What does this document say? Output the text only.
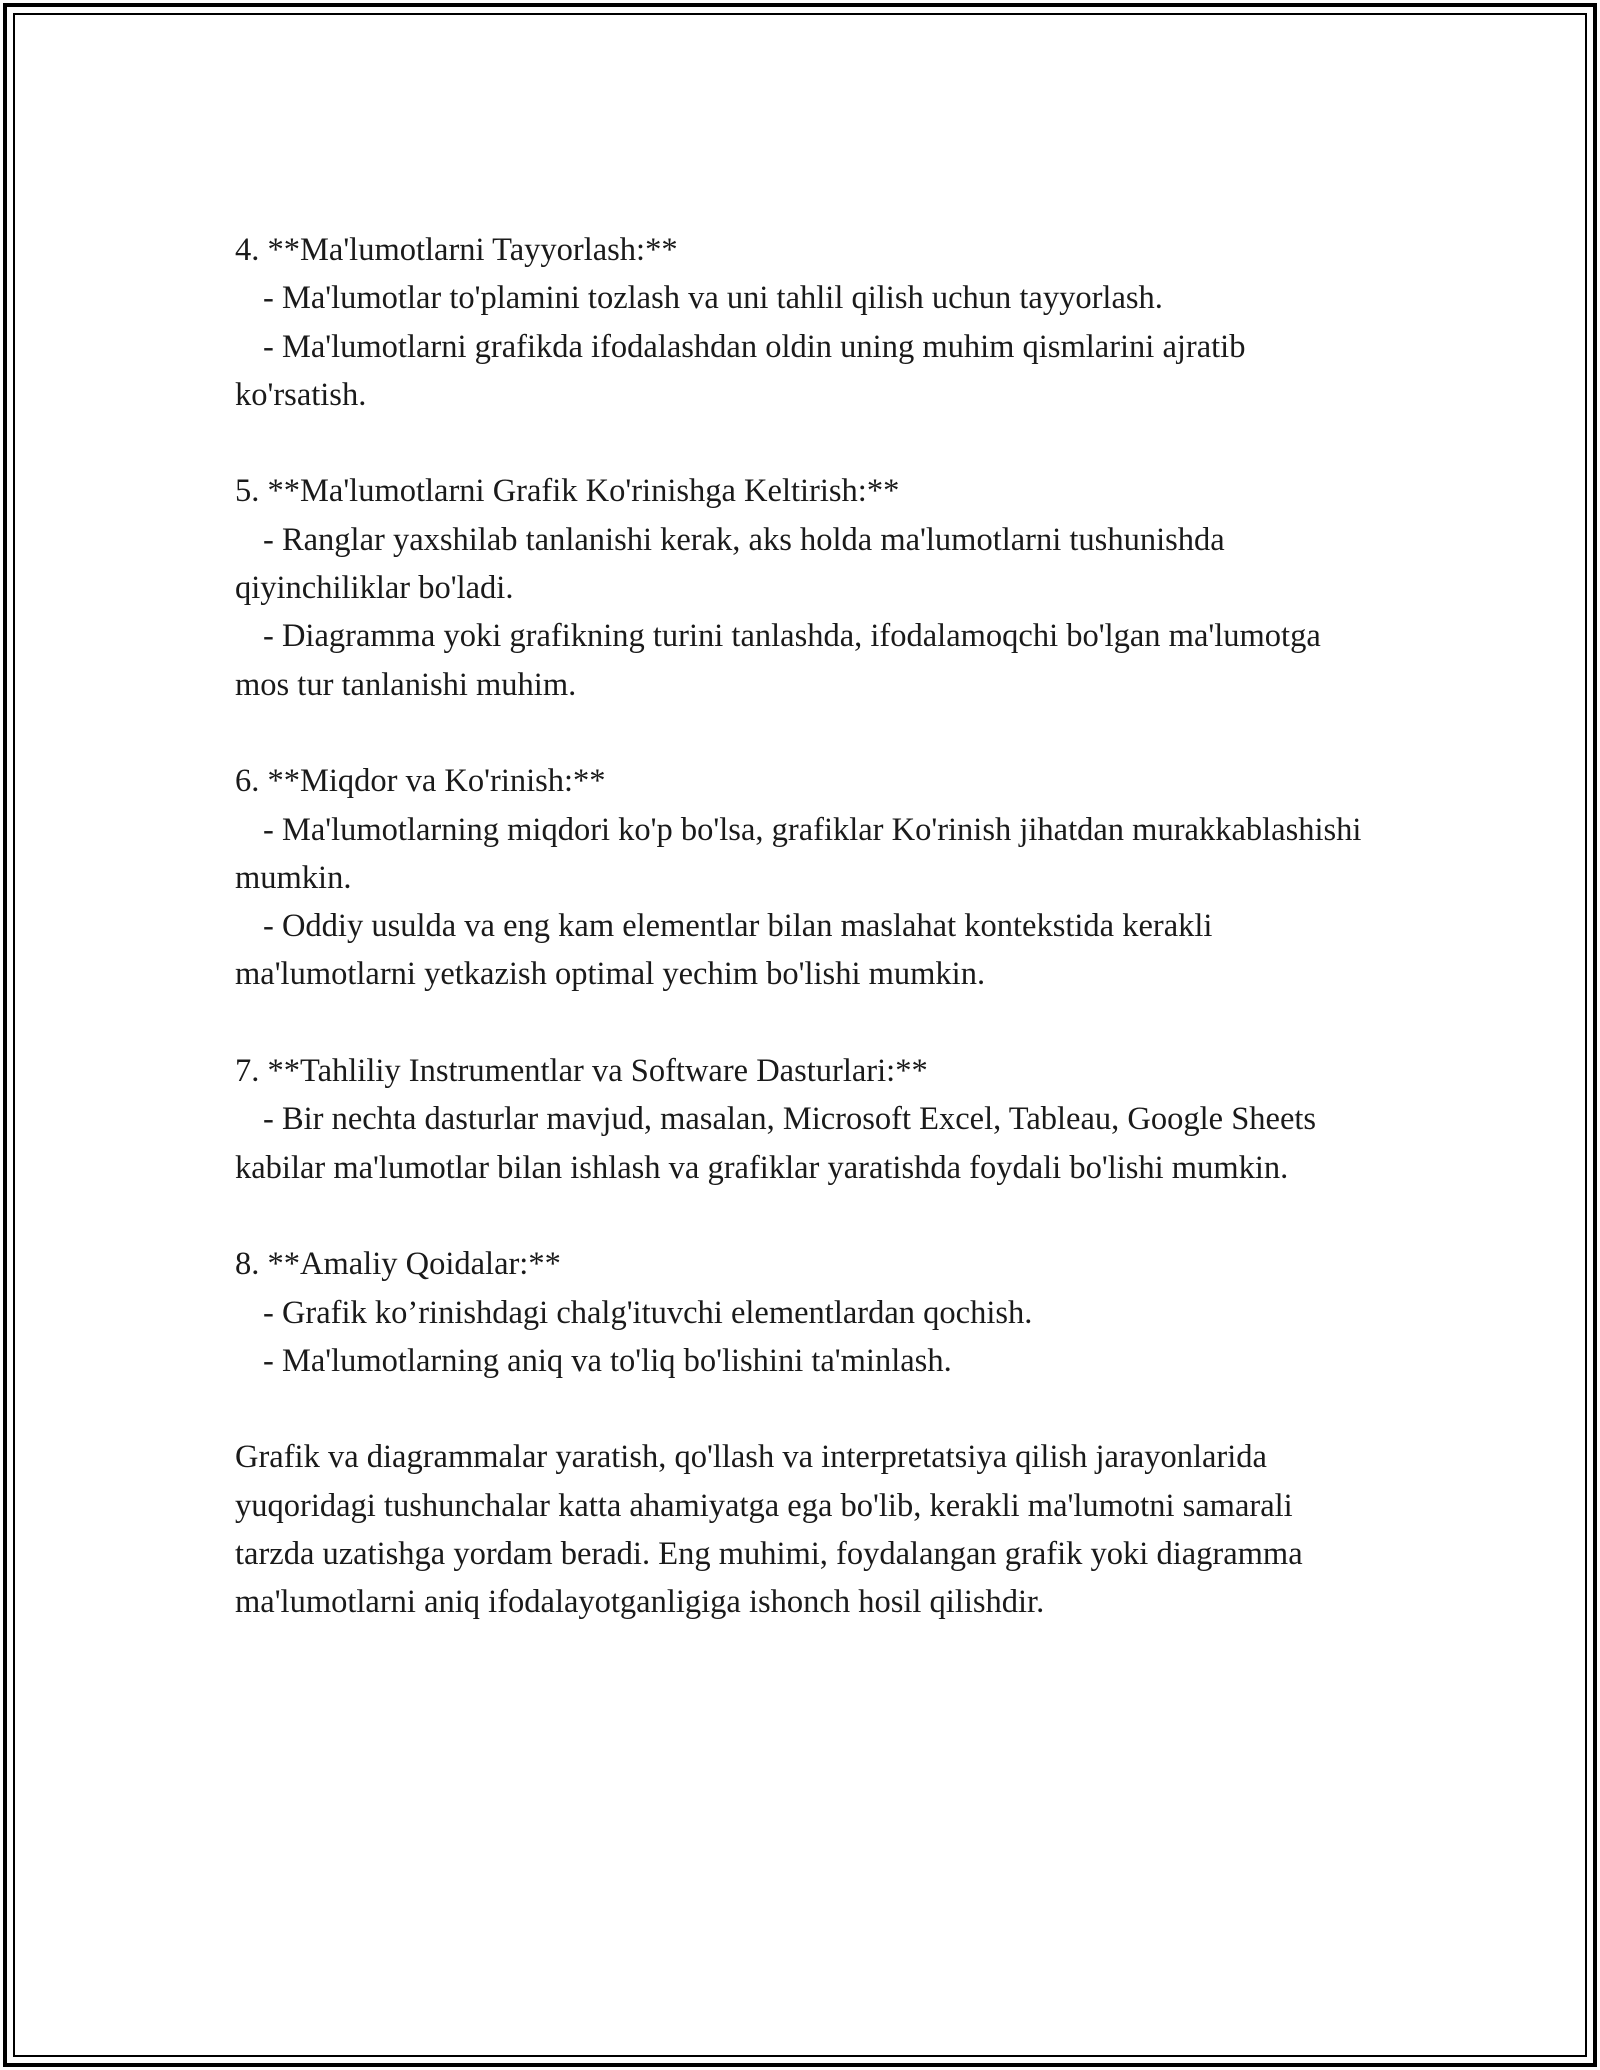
4. **Ma'lumotlarni Tayyorlash:**

- Ma'lumotlar to'plamini tozlash va uni tahlil qilish uchun tayyorlash.

- Ma'lumotlarni grafikda ifodalashdan oldin uning muhim qismlarini ajratib ko'rsatish.

5. **Ma'lumotlarni Grafik Ko'rinishga Keltirish:**

- Ranglar yaxshilab tanlanishi kerak, aks holda ma'lumotlarni tushunishda qiyinchiliklar bo'ladi.

- Diagramma yoki grafikning turini tanlashda, ifodalamoqchi bo'lgan ma'lumotga mos tur tanlanishi muhim.

6. **Miqdor va Ko'rinish:**

- Ma'lumotlarning miqdori ko'p bo'lsa, grafiklar Ko'rinish jihatdan murakkablashishi mumkin.

- Oddiy usulda va eng kam elementlar bilan maslahat kontekstida kerakli ma'lumotlarni yetkazish optimal yechim bo'lishi mumkin.

7. **Tahliliy Instrumentlar va Software Dasturlari:**

- Bir nechta dasturlar mavjud, masalan, Microsoft Excel, Tableau, Google Sheets kabilar ma'lumotlar bilan ishlash va grafiklar yaratishda foydali bo'lishi mumkin.

8. **Amaliy Qoidalar:**

- Grafik ko’rinishdagi chalg'ituvchi elementlardan qochish.

- Ma'lumotlarning aniq va to'liq bo'lishini ta'minlash.

Grafik va diagrammalar yaratish, qo'llash va interpretatsiya qilish jarayonlarida yuqoridagi tushunchalar katta ahamiyatga ega bo'lib, kerakli ma'lumotni samarali tarzda uzatishga yordam beradi. Eng muhimi, foydalangan grafik yoki diagramma ma'lumotlarni aniq ifodalayotganligiga ishonch hosil qilishdir.
